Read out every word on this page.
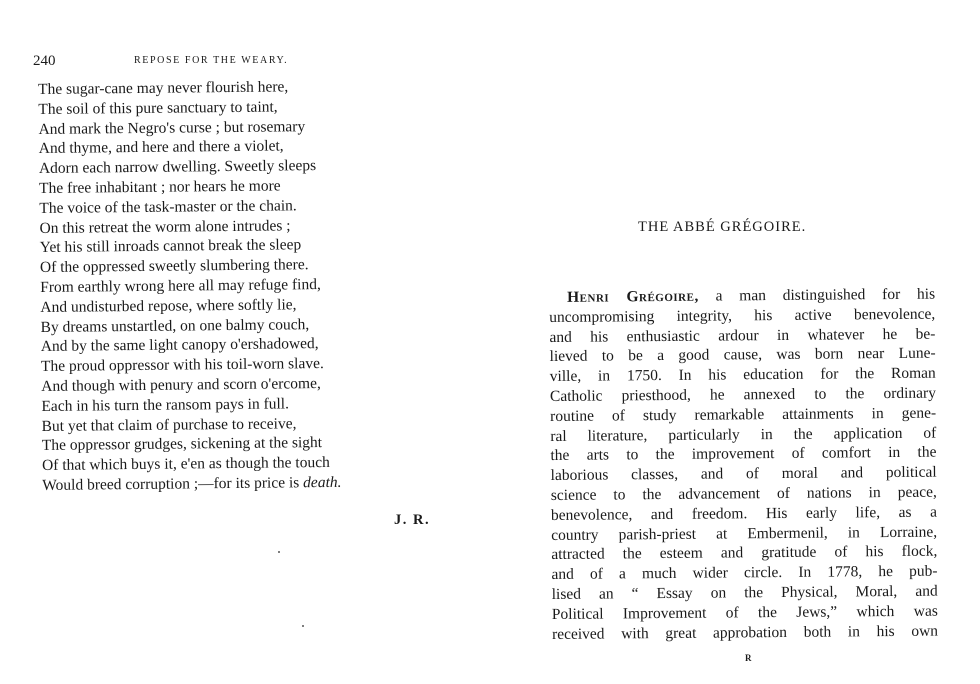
240	REPOSE FOR THE WEARY.
The sugar-cane may never flourish here,
The soil of this pure sanctuary to taint,
And mark the Negro's curse ; but rosemary
And thyme, and here and there a violet,
Adorn each narrow dwelling. Sweetly sleeps
The free inhabitant ; nor hears he more
The voice of the task-master or the chain.
On this retreat the worm alone intrudes ;
Yet his still inroads cannot break the sleep
Of the oppressed sweetly slumbering there.
From earthly wrong here all may refuge find,
And undisturbed repose, where softly lie,
By dreams unstartled, on one balmy couch,
And by the same light canopy o'ershadowed,
The proud oppressor with his toil-worn slave.
And though with penury and scorn o'ercome,
Each in his turn the ransom pays in full.
But yet that claim of purchase to receive,
The oppressor grudges, sickening at the sight
Of that which buys it, e'en as though the touch
Would breed corruption ;—for its price is death.
J. R.
THE ABBÉ GRÉGOIRE.
Henri Grégoire, a man distinguished for his
uncompromising integrity, his active benevolence,
and his enthusiastic ardour in whatever he be-
lieved to be a good cause, was born near Lune-
ville, in 1750. In his education for the Roman
Catholic priesthood, he annexed to the ordinary
routine of study remarkable attainments in gene-
ral literature, particularly in the application of
the arts to the improvement of comfort in the
laborious classes, and of moral and political
science to the advancement of nations in peace,
benevolence, and freedom. His early life, as a
country parish-priest at Embermenil, in Lorraine,
attracted the esteem and gratitude of his flock,
and of a much wider circle. In 1778, he pub-
lised an “ Essay on the Physical, Moral, and
Political Improvement of the Jews,” which was
received with great approbation both in his own
R
